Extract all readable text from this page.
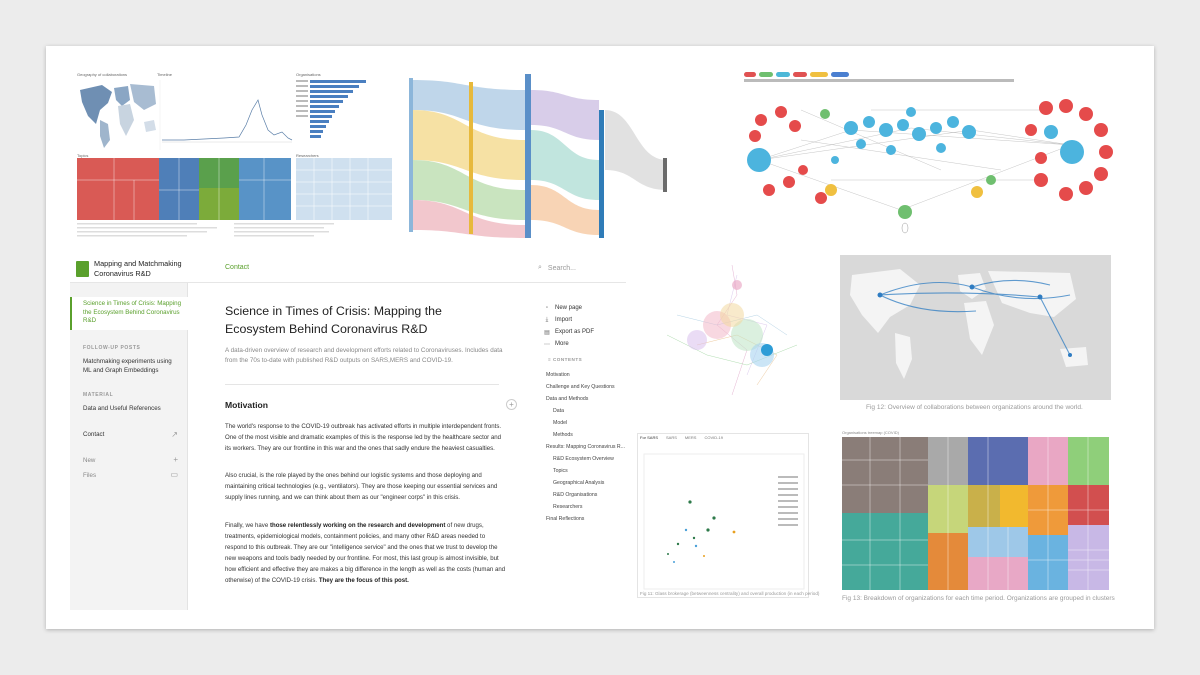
Geography of collaborations	Timeline	Organisations
Topics	Researchers
Mapping and Matchmaking Coronavirus R&D
Contact	⌕ Search...
Science in Times of Crisis: Mapping the Ecosystem Behind Coronavirus R&D
FOLLOW-UP POSTS
Matchmaking experiments using ML and Graph Embeddings
MATERIAL
Data and Useful References
Contact	↗
New	+
Files	▭
Science in Times of Crisis: Mapping the Ecosystem Behind Coronavirus R&D
A data-driven overview of research and development efforts related to Coronaviruses. Includes data from the 70s to-date with published R&D outputs on SARS,MERS and COVID-19.
Motivation	+
The world's response to the COVID-19 outbreak has activated efforts in multiple interdependent fronts. One of the most visible and dramatic examples of this is the response led by the healthcare sector and its workers. They are our frontline in this war and the ones that sadly endure the heaviest casualties.
Also crucial, is the role played by the ones behind our logistic systems and those deploying and maintaining critical technologies (e.g., ventilators). They are those keeping our essential services and supply lines running, and we can think about them as our "engineer corps" in this crisis.
Finally, we have those relentlessly working on the research and development of new drugs, treatments, epidemiological models, containment policies, and many other R&D areas needed to respond to this outbreak. They are our "intelligence service" and the ones that we trust to develop the new weapons and tools badly needed by our frontline. For most, this last group is almost invisible, but how efficient and effective they are makes a big difference in the length as well as the costs (human and otherwise) of the COVID-19 crisis. They are the focus of this post.
▫	New page
⤓ Import
▤ Export as PDF
⋯ More
≡ CONTENTS
Motivation
Challenge and Key Questions
Data and Methods
Data
Model
Methods
Results: Mapping Coronavirus R...
R&D Ecosystem Overview
Topics
Geographical Analysis
R&D Organisations
Researchers
Final Reflections
Fig 12: Overview of collaborations between organizations around the world.
For SARS SARS MERS COVID-19
Fig 11: Glass brokerage (betweenness centrality) and overall production (in each period)
Organisations treemap (COVID)
Fig 13: Breakdown of organizations for each time period. Organizations are grouped in clusters
